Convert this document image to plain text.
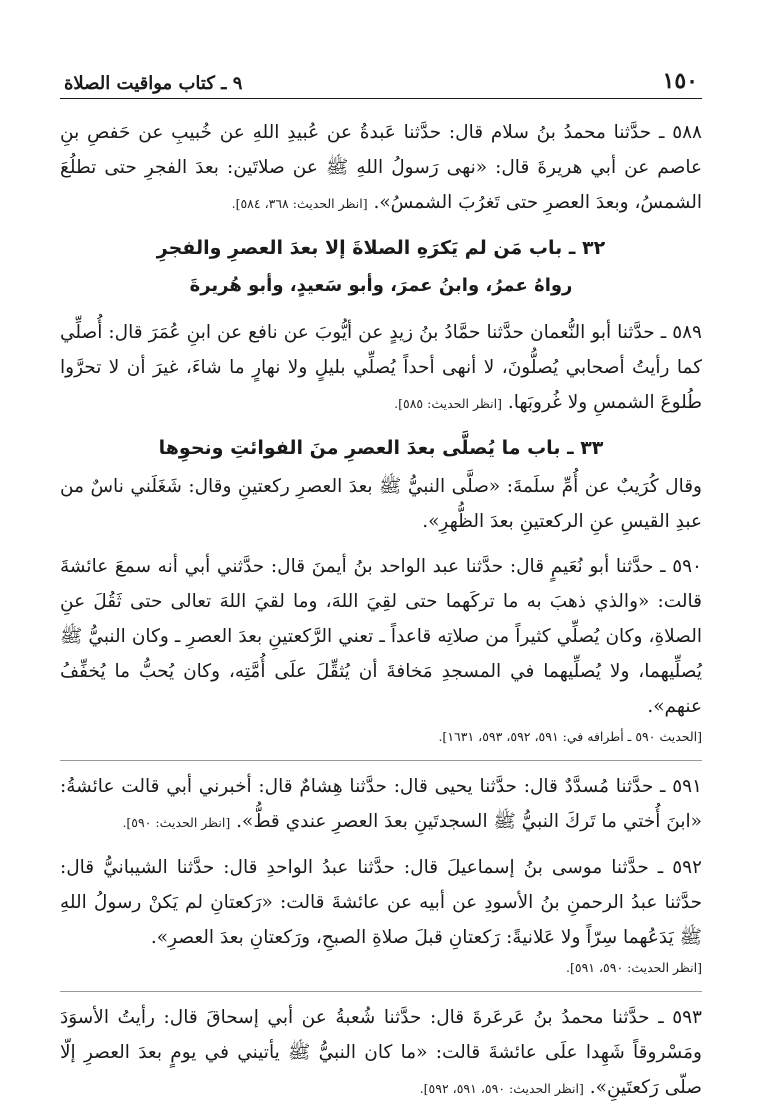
١٥٠
٩ ـ كتاب مواقيت الصلاة

٥٨٨ ـ حدَّثنا محمدُ بنُ سلام قال: حدَّثنا عَبدةُ عن عُبيدِ اللهِ عن خُبيبِ عن حَفصِ بنِ عاصم عن أبي هريرةَ قال: «نهى رَسولُ اللهِ ﷺ عن صلاتَين: بعدَ الفجرِ حتى تطلُعَ الشمسُ، وبعدَ العصرِ حتى تَغرُبَ الشمسُ». [انظر الحديث: ٣٦٨، ٥٨٤].

٣٢ ـ باب مَن لم يَكرَهِ الصلاةَ إلا بعدَ العصرِ والفجرِ
رواهُ عمرُ، وابنُ عمرَ، وأبو سَعيدٍ، وأبو هُريرةَ

٥٨٩ ـ حدَّثنا أبو النُّعمان حدَّثنا حمَّادُ بنُ زيدٍ عن أيُّوبَ عن نافع عن ابنِ عُمَرَ قال: أُصلِّي كما رأيتُ أصحابي يُصلُّونَ، لا أنهى أحداً يُصلِّي بليلٍ ولا نهارٍ ما شاءَ، غيرَ أن لا تحرَّوا طُلوعَ الشمسِ ولا غُروبَها. [انظر الحديث: ٥٨٥].

٣٣ ـ باب ما يُصلَّى بعدَ العصرِ منَ الفوائتِ ونحوِها

وقال كُرَيبٌ عن أُمِّ سلَمةَ: «صلَّى النبيُّ ﷺ بعدَ العصرِ ركعتينِ وقال: شَغَلَني ناسٌ من عبدِ القيسِ عنِ الركعتينِ بعدَ الظُّهرِ».

٥٩٠ ـ حدَّثنا أبو نُعَيمٍ قال: حدَّثنا عبد الواحد بنُ أيمنَ قال: حدَّثني أبي أنه سمعَ عائشةَ قالت: «والذي ذهبَ به ما تركَهما حتى لقِيَ اللهَ، وما لقيَ اللهَ تعالى حتى ثَقُلَ عنِ الصلاةِ، وكان يُصلِّي كثيراً من صلاتِه قاعداً ـ تعني الرَّكعتينِ بعدَ العصرِ ـ وكان النبيُّ ﷺ يُصلِّيهما، ولا يُصلِّيهما في المسجدِ مَخافةَ أن يُثقِّلَ علَى أُمَّتِه، وكان يُحبُّ ما يُخفِّفُ عنهم».

[الحديث ٥٩٠ ـ أطرافه في: ٥٩١، ٥٩٢، ٥٩٣، ١٦٣١].

٥٩١ ـ حدَّثنا مُسدَّدٌ قال: حدَّثنا يحيى قال: حدَّثنا هِشامٌ قال: أخبرني أبي قالت عائشةُ: «ابنَ أُختي ما تَركَ النبيُّ ﷺ السجدتَينِ بعدَ العصرِ عندي قطُّ». [انظر الحديث: ٥٩٠].

٥٩٢ ـ حدَّثنا موسى بنُ إسماعيلَ قال: حدَّثنا عبدُ الواحدِ قال: حدَّثنا الشيبانيُّ قال: حدَّثنا عبدُ الرحمنِ بنُ الأسودِ عن أبيه عن عائشةَ قالت: «رَكعتانِ لم يَكنْ رسولُ اللهِ ﷺ يَدَعُهما سِرّاً ولا عَلانيةً: رَكعتانِ قبلَ صلاةِ الصبحِ، ورَكعتانِ بعدَ العصرِ».

[انظر الحديث: ٥٩٠، ٥٩١].

٥٩٣ ـ حدَّثنا محمدُ بنُ عَرعَرةَ قال: حدَّثنا شُعبةُ عن أبي إسحاقَ قال: رأيتُ الأسوَدَ ومَسْروقاً شَهِدا علَى عائشةَ قالت: «ما كان النبيُّ ﷺ يأتيني في يومٍ بعدَ العصرِ إلّا صلّى رَكعتَينِ». [انظر الحديث: ٥٩٠، ٥٩١، ٥٩٢].
